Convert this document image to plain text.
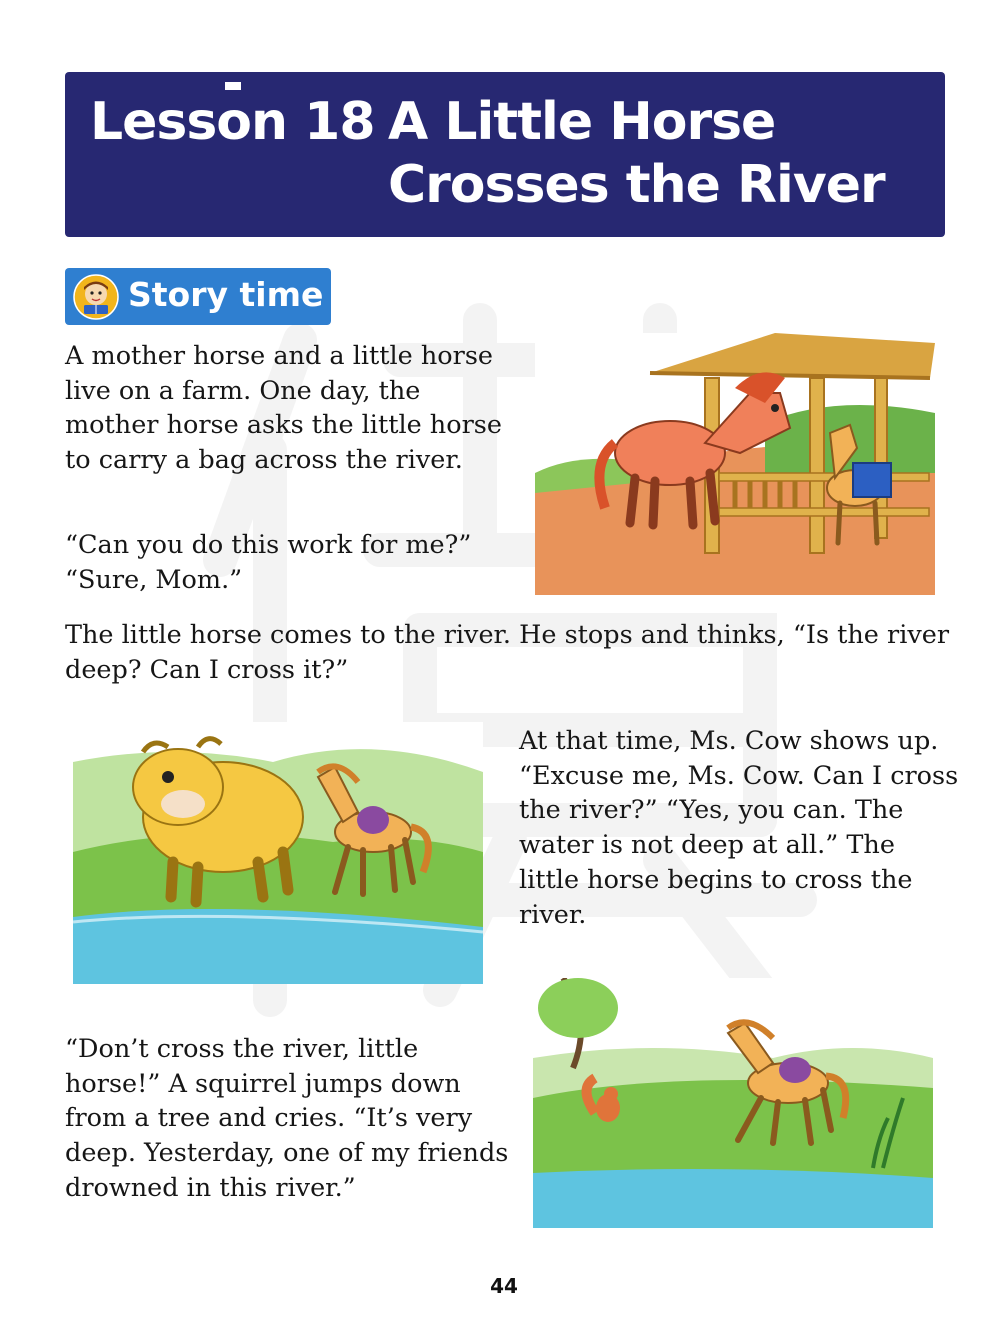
Lesson 18 A Little Horse
Crosses the River
Story time
A mother horse and a little horse live on a farm. One day, the mother horse asks the little horse to carry a bag across the river.
“Can you do this work for me?”
“Sure, Mom.”
The little horse comes to the river. He stops and thinks, “Is the river deep? Can I cross it?”
At that time, Ms. Cow shows up. “Excuse me, Ms. Cow. Can I cross the river?” “Yes, you can. The water is not deep at all.” The little horse begins to cross the river.
“Don’t cross the river, little horse!” A squirrel jumps down from a tree and cries. “It’s very deep. Yesterday, one of my friends drowned in this river.”
44
